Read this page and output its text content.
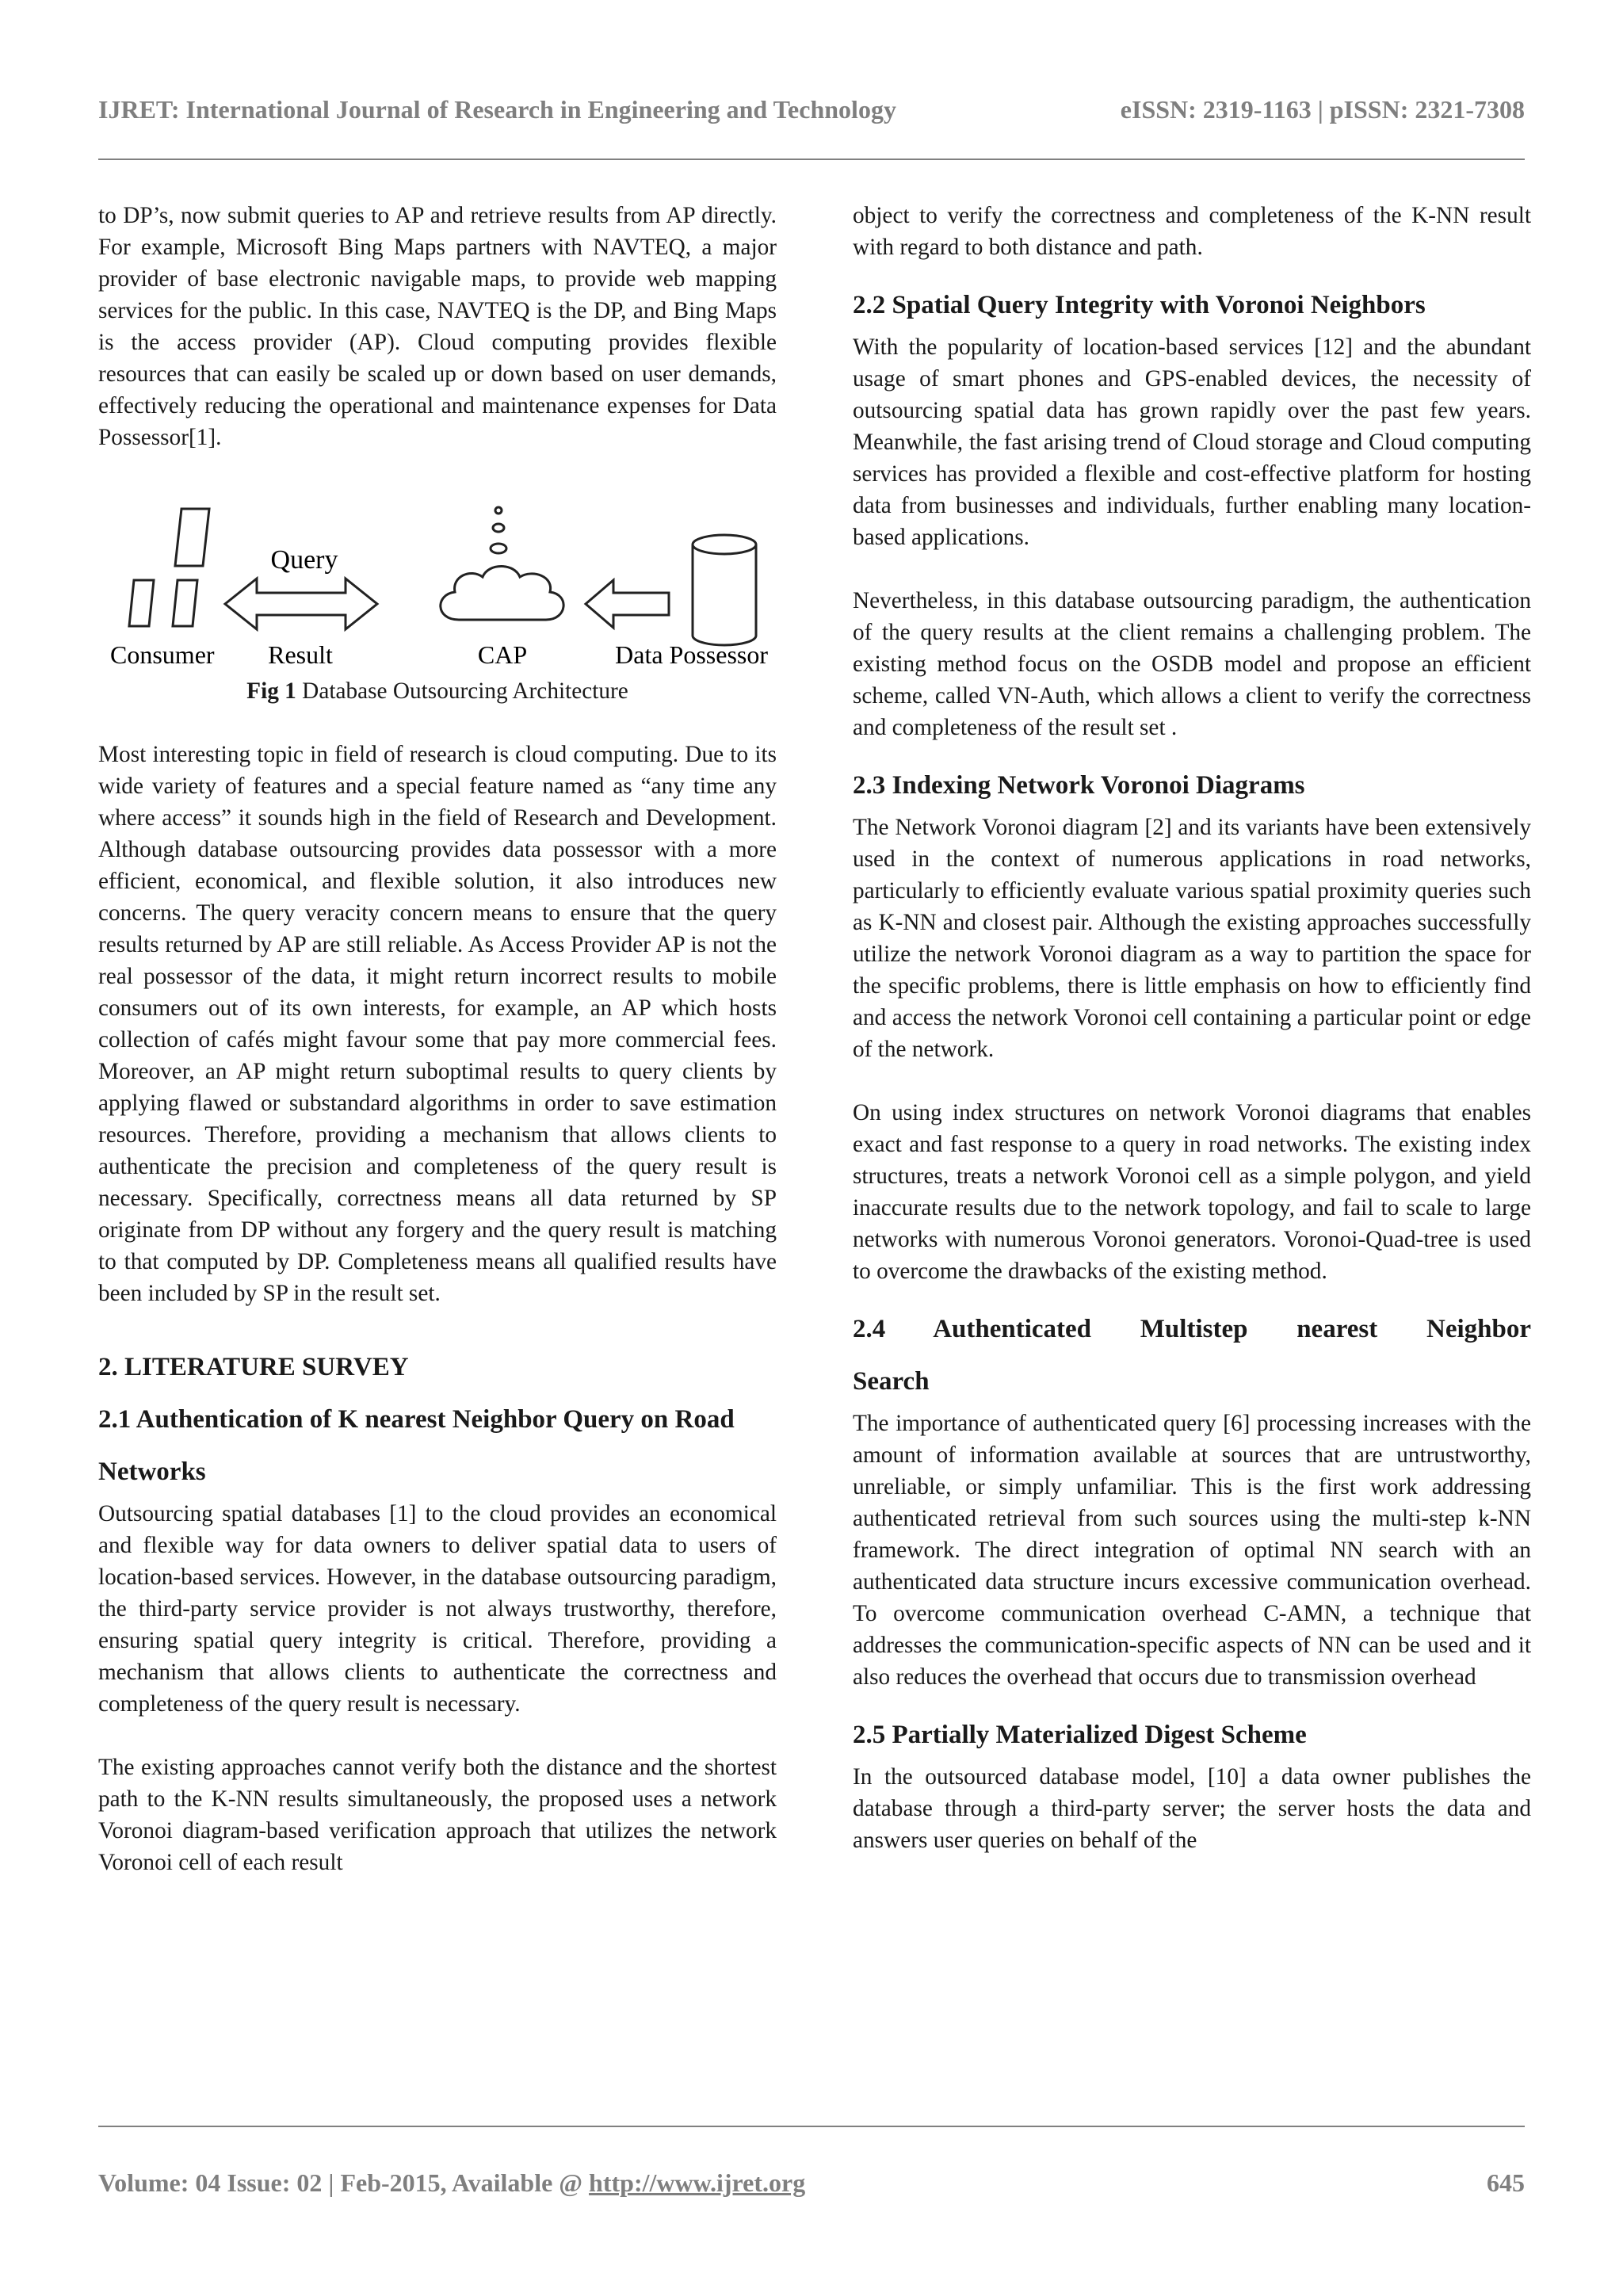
IJRET: International Journal of Research in Engineering and Technology	eISSN: 2319-1163 | pISSN: 2321-7308

to DP’s, now submit queries to AP and retrieve results from AP directly. For example, Microsoft Bing Maps partners with NAVTEQ, a major provider of base electronic navigable maps, to provide web mapping services for the public. In this case, NAVTEQ is the DP, and Bing Maps is the access provider (AP). Cloud computing provides flexible resources that can easily be scaled up or down based on user demands, effectively reducing the operational and maintenance expenses for Data Possessor[1].

Query
Consumer Result	CAP	Data Possessor

Fig 1 Database Outsourcing Architecture

Most interesting topic in field of research is cloud computing. Due to its wide variety of features and a special feature named as “any time any where access” it sounds high in the field of Research and Development. Although database outsourcing provides data possessor with a more efficient, economical, and flexible solution, it also introduces new concerns. The query veracity concern means to ensure that the query results returned by AP are still reliable. As Access Provider AP is not the real possessor of the data, it might return incorrect results to mobile consumers out of its own interests, for example, an AP which hosts collection of cafés might favour some that pay more commercial fees. Moreover, an AP might return suboptimal results to query clients by applying flawed or substandard algorithms in order to save estimation resources. Therefore, providing a mechanism that allows clients to authenticate the precision and completeness of the query result is necessary. Specifically, correctness means all data returned by SP originate from DP without any forgery and the query result is matching to that computed by DP. Completeness means all qualified results have been included by SP in the result set.

2. LITERATURE SURVEY
2.1 Authentication of K nearest Neighbor Query on Road Networks

Outsourcing spatial databases [1] to the cloud provides an economical and flexible way for data owners to deliver spatial data to users of location-based services. However, in the database outsourcing paradigm, the third-party service provider is not always trustworthy, therefore, ensuring spatial query integrity is critical. Therefore, providing a mechanism that allows clients to authenticate the correctness and completeness of the query result is necessary.

The existing approaches cannot verify both the distance and the shortest path to the K-NN results simultaneously, the proposed uses a network Voronoi diagram-based verification approach that utilizes the network Voronoi cell of each result

object to verify the correctness and completeness of the K-NN result with regard to both distance and path.

2.2 Spatial Query Integrity with Voronoi Neighbors

With the popularity of location-based services [12] and the abundant usage of smart phones and GPS-enabled devices, the necessity of outsourcing spatial data has grown rapidly over the past few years. Meanwhile, the fast arising trend of Cloud storage and Cloud computing services has provided a flexible and cost-effective platform for hosting data from businesses and individuals, further enabling many location-based applications.

Nevertheless, in this database outsourcing paradigm, the authentication of the query results at the client remains a challenging problem. The existing method focus on the OSDB model and propose an efficient scheme, called VN-Auth, which allows a client to verify the correctness and completeness of the result set .

2.3 Indexing Network Voronoi Diagrams

The Network Voronoi diagram [2] and its variants have been extensively used in the context of numerous applications in road networks, particularly to efficiently evaluate various spatial proximity queries such as K-NN and closest pair. Although the existing approaches successfully utilize the network Voronoi diagram as a way to partition the space for the specific problems, there is little emphasis on how to efficiently find and access the network Voronoi cell containing a particular point or edge of the network.

On using index structures on network Voronoi diagrams that enables exact and fast response to a query in road networks. The existing index structures, treats a network Voronoi cell as a simple polygon, and yield inaccurate results due to the network topology, and fail to scale to large networks with numerous Voronoi generators. Voronoi-Quad-tree is used to overcome the drawbacks of the existing method.

2.4 Authenticated Multistep nearest Neighbor
Search

The importance of authenticated query [6] processing increases with the amount of information available at sources that are untrustworthy, unreliable, or simply unfamiliar. This is the first work addressing authenticated retrieval from such sources using the multi-step k-NN framework. The direct integration of optimal NN search with an authenticated data structure incurs excessive communication overhead. To overcome communication overhead C-AMN, a technique that addresses the communication-specific aspects of NN can be used and it also reduces the overhead that occurs due to transmission overhead

2.5 Partially Materialized Digest Scheme

In the outsourced database model, [10] a data owner publishes the database through a third-party server; the server hosts the data and answers user queries on behalf of the

Volume: 04 Issue: 02 | Feb-2015, Available @ http://www.ijret.org	645
